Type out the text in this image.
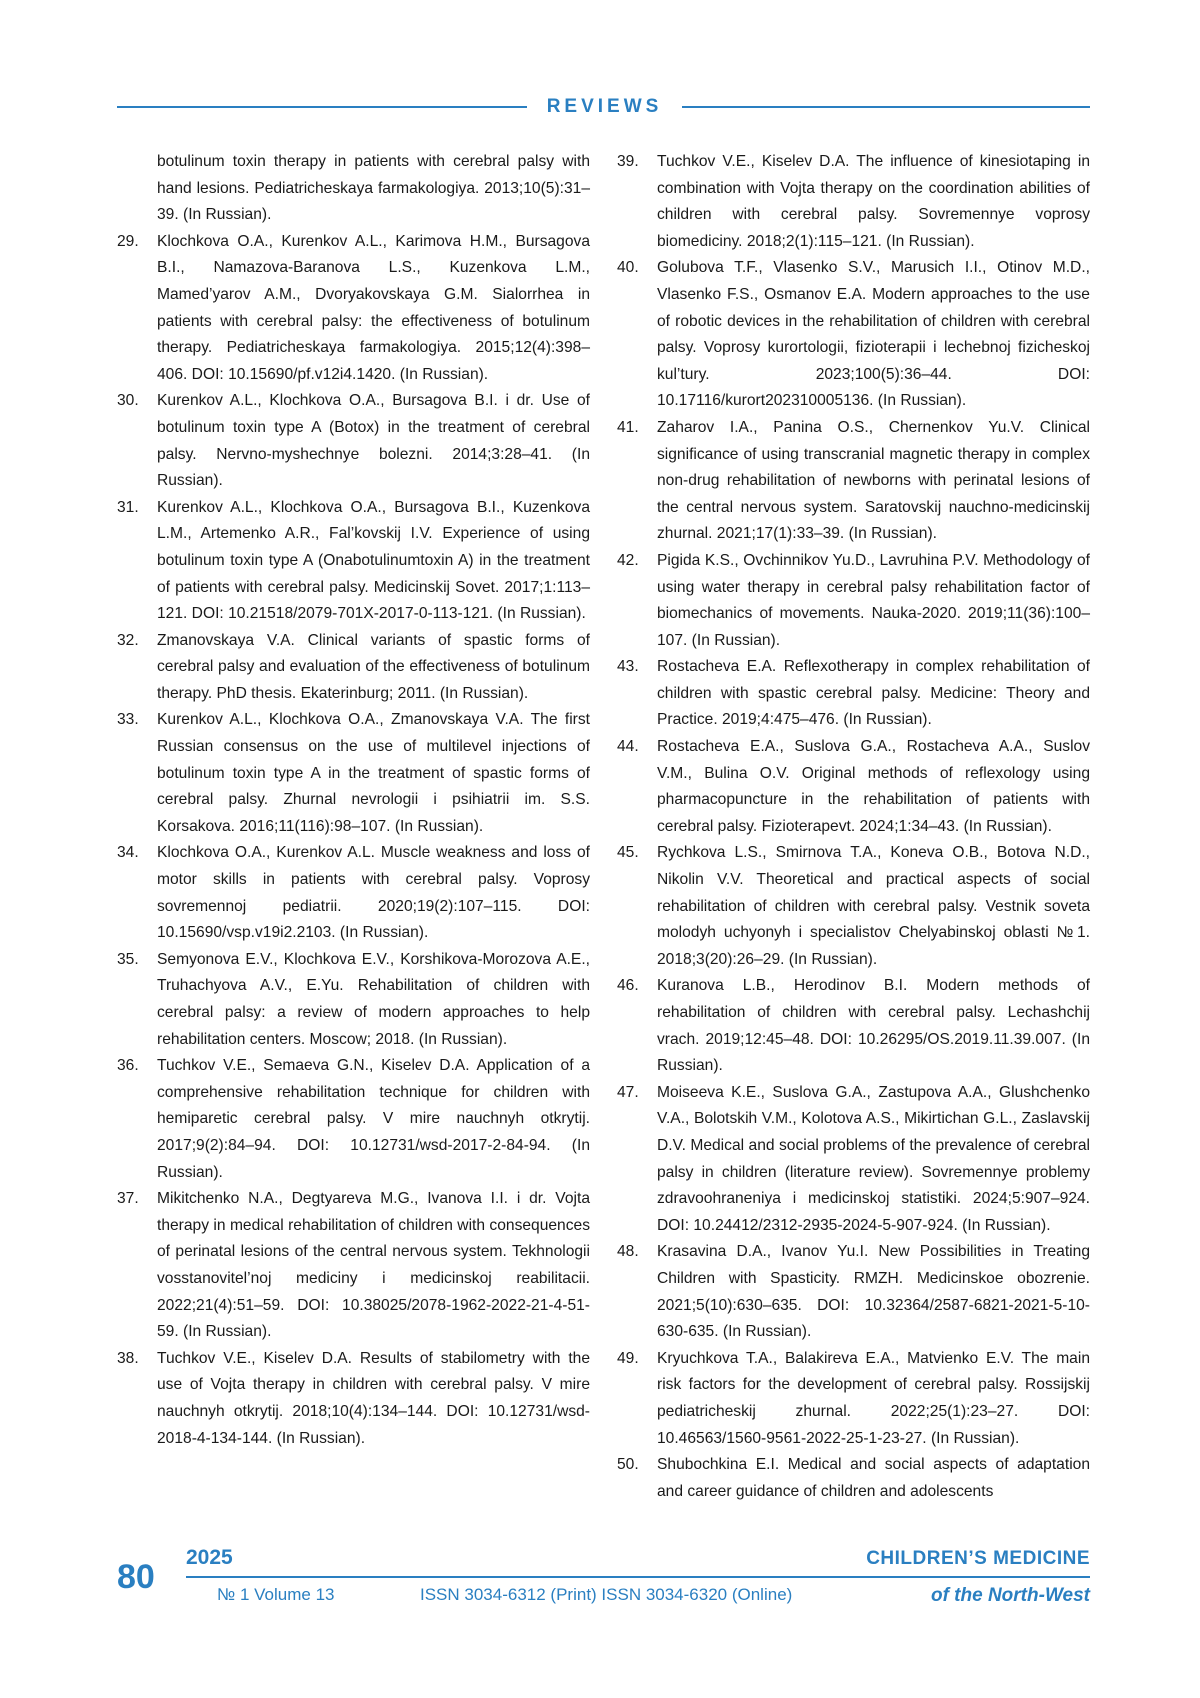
REVIEWS
botulinum toxin therapy in patients with cerebral palsy with hand lesions. Pediatricheskaya farmakologiya. 2013;10(5):31–39. (In Russian).
29.	Klochkova O.A., Kurenkov A.L., Karimova H.M., Bursagova B.I., Namazova-Baranova L.S., Kuzenkova L.M., Mamed’yarov A.M., Dvoryakovskaya G.M. Sialorrhea in patients with cerebral palsy: the effectiveness of botulinum therapy. Pediatricheskaya farmakologiya. 2015;12(4):398–406. DOI: 10.15690/pf.v12i4.1420. (In Russian).
30.	Kurenkov A.L., Klochkova O.A., Bursagova B.I. i dr. Use of botulinum toxin type A (Botox) in the treatment of cerebral palsy. Nervno-myshechnye bolezni. 2014;3:28–41. (In Russian).
31.	Kurenkov A.L., Klochkova O.A., Bursagova B.I., Kuzenkova L.M., Artemenko A.R., Fal’kovskij I.V. Experience of using botulinum toxin type A (Onabotulinumtoxin A) in the treatment of patients with cerebral palsy. Medicinskij Sovet. 2017;1:113–121. DOI: 10.21518/2079-701X-2017-0-113-121. (In Russian).
32.	Zmanovskaya V.A. Clinical variants of spastic forms of cerebral palsy and evaluation of the effectiveness of botulinum therapy. PhD thesis. Ekaterinburg; 2011. (In Russian).
33.	Kurenkov A.L., Klochkova O.A., Zmanovskaya V.A. The first Russian consensus on the use of multilevel injections of botulinum toxin type A in the treatment of spastic forms of cerebral palsy. Zhurnal nevrologii i psihiatrii im. S.S. Korsakova. 2016;11(116):98–107. (In Russian).
34.	Klochkova O.A., Kurenkov A.L. Muscle weakness and loss of motor skills in patients with cerebral palsy. Voprosy sovremennoj pediatrii. 2020;19(2):107–115. DOI: 10.15690/vsp.v19i2.2103. (In Russian).
35.	Semyonova E.V., Klochkova E.V., Korshikova-Morozova A.E., Truhachyova A.V., E.Yu. Rehabilitation of children with cerebral palsy: a review of modern approaches to help rehabilitation centers. Moscow; 2018. (In Russian).
36.	Tuchkov V.E., Semaeva G.N., Kiselev D.A. Application of a comprehensive rehabilitation technique for children with hemiparetic cerebral palsy. V mire nauchnyh otkrytij. 2017;9(2):84–94. DOI: 10.12731/wsd-2017-2-84-94. (In Russian).
37.	Mikitchenko N.A., Degtyareva M.G., Ivanova I.I. i dr. Vojta therapy in medical rehabilitation of children with consequences of perinatal lesions of the central nervous system. Tekhnologii vosstanovitel’noj mediciny i medicinskoj reabilitacii. 2022;21(4):51–59. DOI: 10.38025/2078-1962-2022-21-4-51-59. (In Russian).
38.	Tuchkov V.E., Kiselev D.A. Results of stabilometry with the use of Vojta therapy in children with cerebral palsy. V mire nauchnyh otkrytij. 2018;10(4):134–144. DOI: 10.12731/wsd-2018-4-134-144. (In Russian).
39.	Tuchkov V.E., Kiselev D.A. The influence of kinesiotaping in combination with Vojta therapy on the coordination abilities of children with cerebral palsy. Sovremennye voprosy biomediciny. 2018;2(1):115–121. (In Russian).
40.	Golubova T.F., Vlasenko S.V., Marusich I.I., Otinov M.D., Vlasenko F.S., Osmanov E.A. Modern approaches to the use of robotic devices in the rehabilitation of children with cerebral palsy. Voprosy kurortologii, fizioterapii i lechebnoj fizicheskoj kul’tury. 2023;100(5):36–44. DOI: 10.17116/kurort202310005136. (In Russian).
41.	Zaharov I.A., Panina O.S., Chernenkov Yu.V. Clinical significance of using transcranial magnetic therapy in complex non-drug rehabilitation of newborns with perinatal lesions of the central nervous system. Saratovskij nauchno-medicinskij zhurnal. 2021;17(1):33–39. (In Russian).
42.	Pigida K.S., Ovchinnikov Yu.D., Lavruhina P.V. Methodology of using water therapy in cerebral palsy rehabilitation factor of biomechanics of movements. Nauka-2020. 2019;11(36):100–107. (In Russian).
43.	Rostacheva E.A. Reflexotherapy in complex rehabilitation of children with spastic cerebral palsy. Medicine: Theory and Practice. 2019;4:475–476. (In Russian).
44.	Rostacheva E.A., Suslova G.A., Rostacheva A.A., Suslov V.M., Bulina O.V. Original methods of reflexology using pharmacopuncture in the rehabilitation of patients with cerebral palsy. Fizioterapevt. 2024;1:34–43. (In Russian).
45.	Rychkova L.S., Smirnova T.A., Koneva O.B., Botova N.D., Nikolin V.V. Theoretical and practical aspects of social rehabilitation of children with cerebral palsy. Vestnik soveta molodyh uchyonyh i specialistov Chelyabinskoj oblasti №1. 2018;3(20):26–29. (In Russian).
46.	Kuranova L.B., Herodinov B.I. Modern methods of rehabilitation of children with cerebral palsy. Lechashchij vrach. 2019;12:45–48. DOI: 10.26295/OS.2019.11.39.007. (In Russian).
47.	Moiseeva K.E., Suslova G.A., Zastupova A.A., Glushchenko V.A., Bolotskih V.M., Kolotova A.S., Mikirtichan G.L., Zaslavskij D.V. Medical and social problems of the prevalence of cerebral palsy in children (literature review). Sovremennye problemy zdravoohraneniya i medicinskoj statistiki. 2024;5:907–924. DOI: 10.24412/2312-2935-2024-5-907-924. (In Russian).
48.	Krasavina D.A., Ivanov Yu.I. New Possibilities in Treating Children with Spasticity. RMZH. Medicinskoe obozrenie. 2021;5(10):630–635. DOI: 10.32364/2587-6821-2021-5-10-630-635. (In Russian).
49.	Kryuchkova T.A., Balakireva E.A., Matvienko E.V. The main risk factors for the development of cerebral palsy. Rossijskij pediatricheskij zhurnal. 2022;25(1):23–27. DOI: 10.46563/1560-9561-2022-25-1-23-27. (In Russian).
50.	Shubochkina E.I. Medical and social aspects of adaptation and career guidance of children and adolescents
80
2025
№ 1 Volume 13	ISSN 3034-6312 (Print) ISSN 3034-6320 (Online)
CHILDREN’S MEDICINE
of the North-West
